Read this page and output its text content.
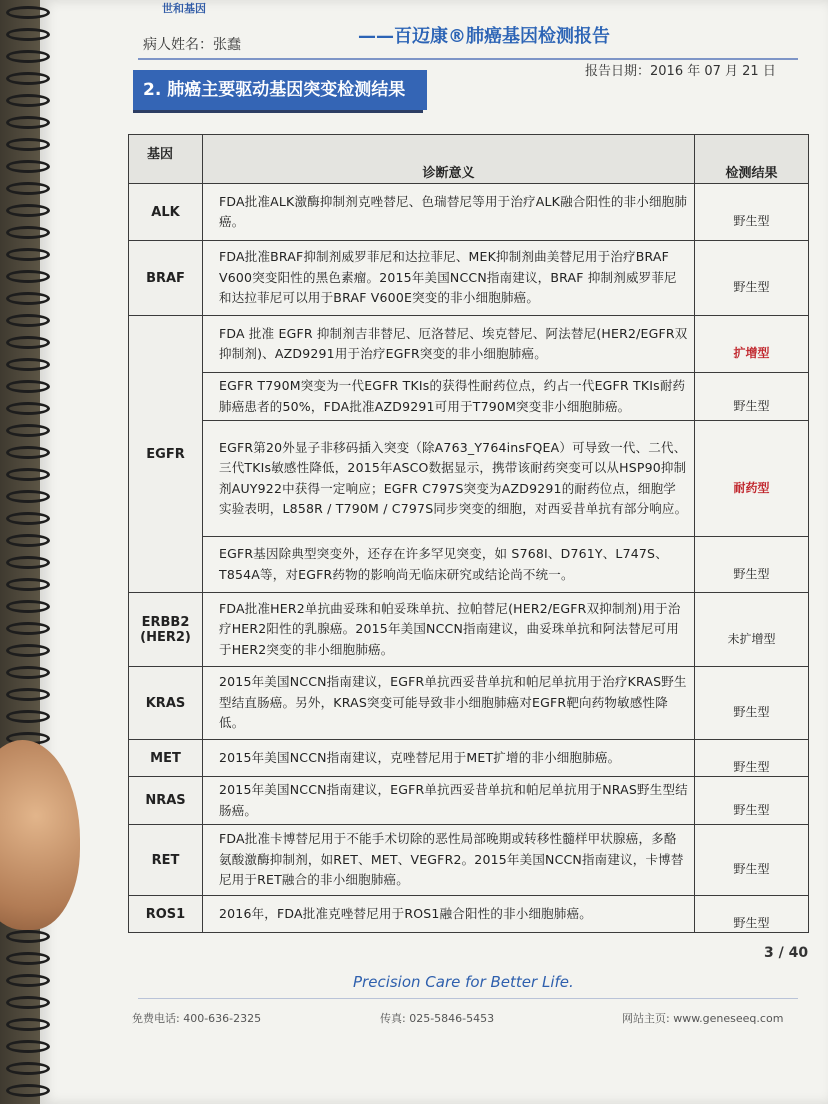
世和基因
——百迈康®肺癌基因检测报告
病人姓名：张蠢
报告日期：2016 年 07 月 21 日
2. 肺癌主要驱动基因突变检测结果
基因	诊断意义	检测结果
ALK	FDA批准ALK激酶抑制剂克唑替尼、色瑞替尼等用于治疗ALK融合阳性的非小细胞肺癌。	野生型
BRAF	FDA批准BRAF抑制剂威罗菲尼和达拉菲尼、MEK抑制剂曲美替尼用于治疗BRAF V600突变阳性的黑色素瘤。2015年美国NCCN指南建议，BRAF 抑制剂威罗菲尼和达拉菲尼可以用于BRAF V600E突变的非小细胞肺癌。	野生型
EGFR	FDA 批准 EGFR 抑制剂吉非替尼、厄洛替尼、埃克替尼、阿法替尼(HER2/EGFR双抑制剂)、AZD9291用于治疗EGFR突变的非小细胞肺癌。	扩增型
	EGFR T790M突变为一代EGFR TKIs的获得性耐药位点，约占一代EGFR TKIs耐药肺癌患者的50%，FDA批准AZD9291可用于T790M突变非小细胞肺癌。	野生型
	EGFR第20外显子非移码插入突变（除A763_Y764insFQEA）可导致一代、二代、三代TKIs敏感性降低，2015年ASCO数据显示，携带该耐药突变可以从HSP90抑制剂AUY922中获得一定响应；EGFR C797S突变为AZD9291的耐药位点，细胞学实验表明，L858R / T790M / C797S同步突变的细胞，对西妥昔单抗有部分响应。	耐药型
	EGFR基因除典型突变外，还存在许多罕见突变，如 S768I、D761Y、L747S、T854A等，对EGFR药物的影响尚无临床研究或结论尚不统一。	野生型
ERBB2
(HER2)	FDA批准HER2单抗曲妥珠和帕妥珠单抗、拉帕替尼(HER2/EGFR双抑制剂)用于治疗HER2阳性的乳腺癌。2015年美国NCCN指南建议，曲妥珠单抗和阿法替尼可用于HER2突变的非小细胞肺癌。	未扩增型
KRAS	2015年美国NCCN指南建议，EGFR单抗西妥昔单抗和帕尼单抗用于治疗KRAS野生型结直肠癌。另外，KRAS突变可能导致非小细胞肺癌对EGFR靶向药物敏感性降低。	野生型
MET	2015年美国NCCN指南建议，克唑替尼用于MET扩增的非小细胞肺癌。	野生型
NRAS	2015年美国NCCN指南建议，EGFR单抗西妥昔单抗和帕尼单抗用于NRAS野生型结肠癌。	野生型
RET	FDA批准卡博替尼用于不能手术切除的恶性局部晚期或转移性髓样甲状腺癌，多酪氨酸激酶抑制剂，如RET、MET、VEGFR2。2015年美国NCCN指南建议，卡博替尼用于RET融合的非小细胞肺癌。	野生型
ROS1	2016年，FDA批准克唑替尼用于ROS1融合阳性的非小细胞肺癌。	野生型
3 / 40
Precision Care for Better Life.
免费电话: 400-636-2325	传真: 025-5846-5453	网站主页: www.geneseeq.com
